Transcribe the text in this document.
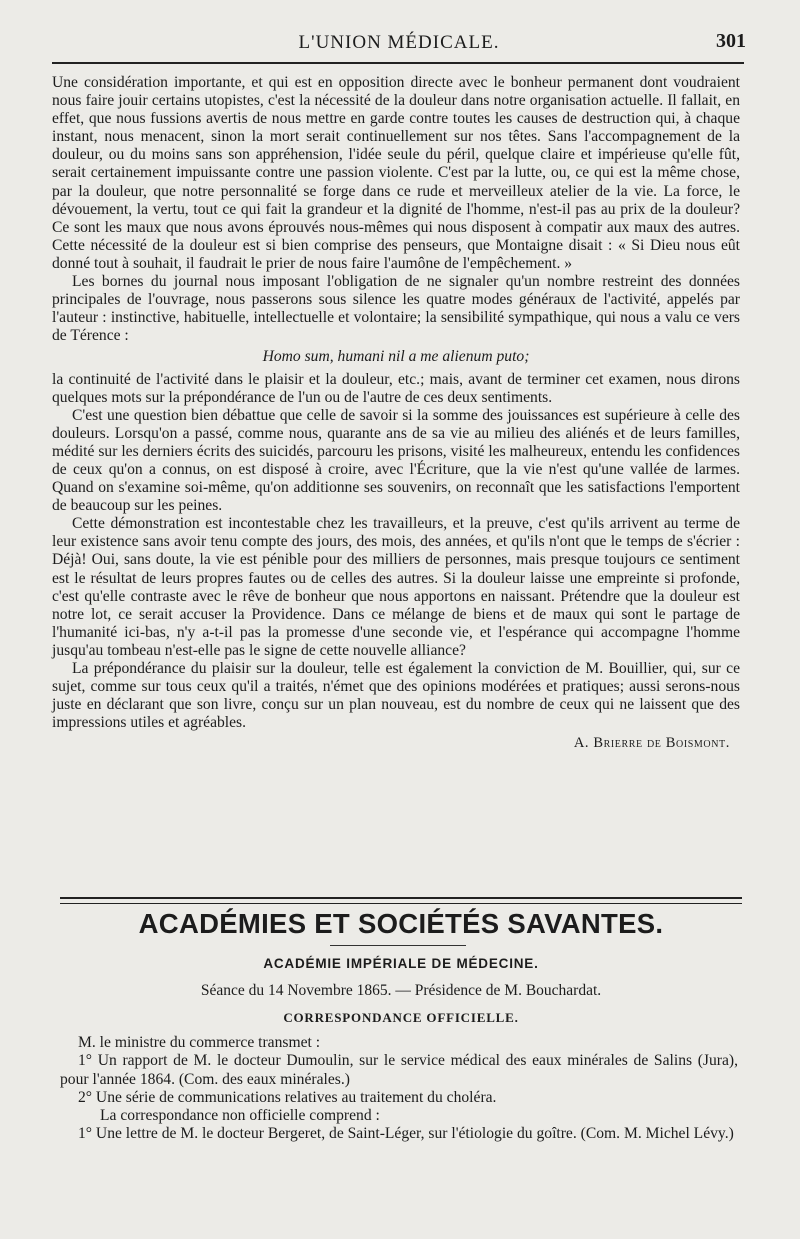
L'UNION MÉDICALE.	301

Une considération importante, et qui est en opposition directe avec le bonheur permanent dont voudraient nous faire jouir certains utopistes, c'est la nécessité de la douleur dans notre organisation actuelle. Il fallait, en effet, que nous fussions avertis de nous mettre en garde contre toutes les causes de destruction qui, à chaque instant, nous menacent, sinon la mort serait continuellement sur nos têtes. Sans l'accompagnement de la douleur, ou du moins sans son appréhension, l'idée seule du péril, quelque claire et impérieuse qu'elle fût, serait certainement impuissante contre une passion violente. C'est par la lutte, ou, ce qui est la même chose, par la douleur, que notre personnalité se forge dans ce rude et merveilleux atelier de la vie. La force, le dévouement, la vertu, tout ce qui fait la grandeur et la dignité de l'homme, n'est-il pas au prix de la douleur? Ce sont les maux que nous avons éprouvés nous-mêmes qui nous disposent à compatir aux maux des autres. Cette nécessité de la douleur est si bien comprise des penseurs, que Montaigne disait : « Si Dieu nous eût donné tout à souhait, il faudrait le prier de nous faire l'aumône de l'empêchement. »

Les bornes du journal nous imposant l'obligation de ne signaler qu'un nombre restreint des données principales de l'ouvrage, nous passerons sous silence les quatre modes généraux de l'activité, appelés par l'auteur : instinctive, habituelle, intellectuelle et volontaire; la sensibilité sympathique, qui nous a valu ce vers de Térence :

Homo sum, humani nil a me alienum puto;

la continuité de l'activité dans le plaisir et la douleur, etc.; mais, avant de terminer cet examen, nous dirons quelques mots sur la prépondérance de l'un ou de l'autre de ces deux sentiments.

C'est une question bien débattue que celle de savoir si la somme des jouissances est supérieure à celle des douleurs. Lorsqu'on a passé, comme nous, quarante ans de sa vie au milieu des aliénés et de leurs familles, médité sur les derniers écrits des suicidés, parcouru les prisons, visité les malheureux, entendu les confidences de ceux qu'on a connus, on est disposé à croire, avec l'Écriture, que la vie n'est qu'une vallée de larmes. Quand on s'examine soi-même, qu'on additionne ses souvenirs, on reconnaît que les satisfactions l'emportent de beaucoup sur les peines.

Cette démonstration est incontestable chez les travailleurs, et la preuve, c'est qu'ils arrivent au terme de leur existence sans avoir tenu compte des jours, des mois, des années, et qu'ils n'ont que le temps de s'écrier : Déjà! Oui, sans doute, la vie est pénible pour des milliers de personnes, mais presque toujours ce sentiment est le résultat de leurs propres fautes ou de celles des autres. Si la douleur laisse une empreinte si profonde, c'est qu'elle contraste avec le rêve de bonheur que nous apportons en naissant. Prétendre que la douleur est notre lot, ce serait accuser la Providence. Dans ce mélange de biens et de maux qui sont le partage de l'humanité ici-bas, n'y a-t-il pas la promesse d'une seconde vie, et l'espérance qui accompagne l'homme jusqu'au tombeau n'est-elle pas le signe de cette nouvelle alliance?

La prépondérance du plaisir sur la douleur, telle est également la conviction de M. Bouillier, qui, sur ce sujet, comme sur tous ceux qu'il a traités, n'émet que des opinions modérées et pratiques; aussi serons-nous juste en déclarant que son livre, conçu sur un plan nouveau, est du nombre de ceux qui ne laissent que des impressions utiles et agréables.

A. Brierre de Boismont.

ACADÉMIES ET SOCIÉTÉS SAVANTES.
ACADÉMIE IMPÉRIALE DE MÉDECINE.
Séance du 14 Novembre 1865. — Présidence de M. Bouchardat.
CORRESPONDANCE OFFICIELLE.

M. le ministre du commerce transmet :

1° Un rapport de M. le docteur Dumoulin, sur le service médical des eaux minérales de Salins (Jura), pour l'année 1864. (Com. des eaux minérales.)

2° Une série de communications relatives au traitement du choléra.

La correspondance non officielle comprend :

1° Une lettre de M. le docteur Bergeret, de Saint-Léger, sur l'étiologie du goître. (Com. M. Michel Lévy.)
